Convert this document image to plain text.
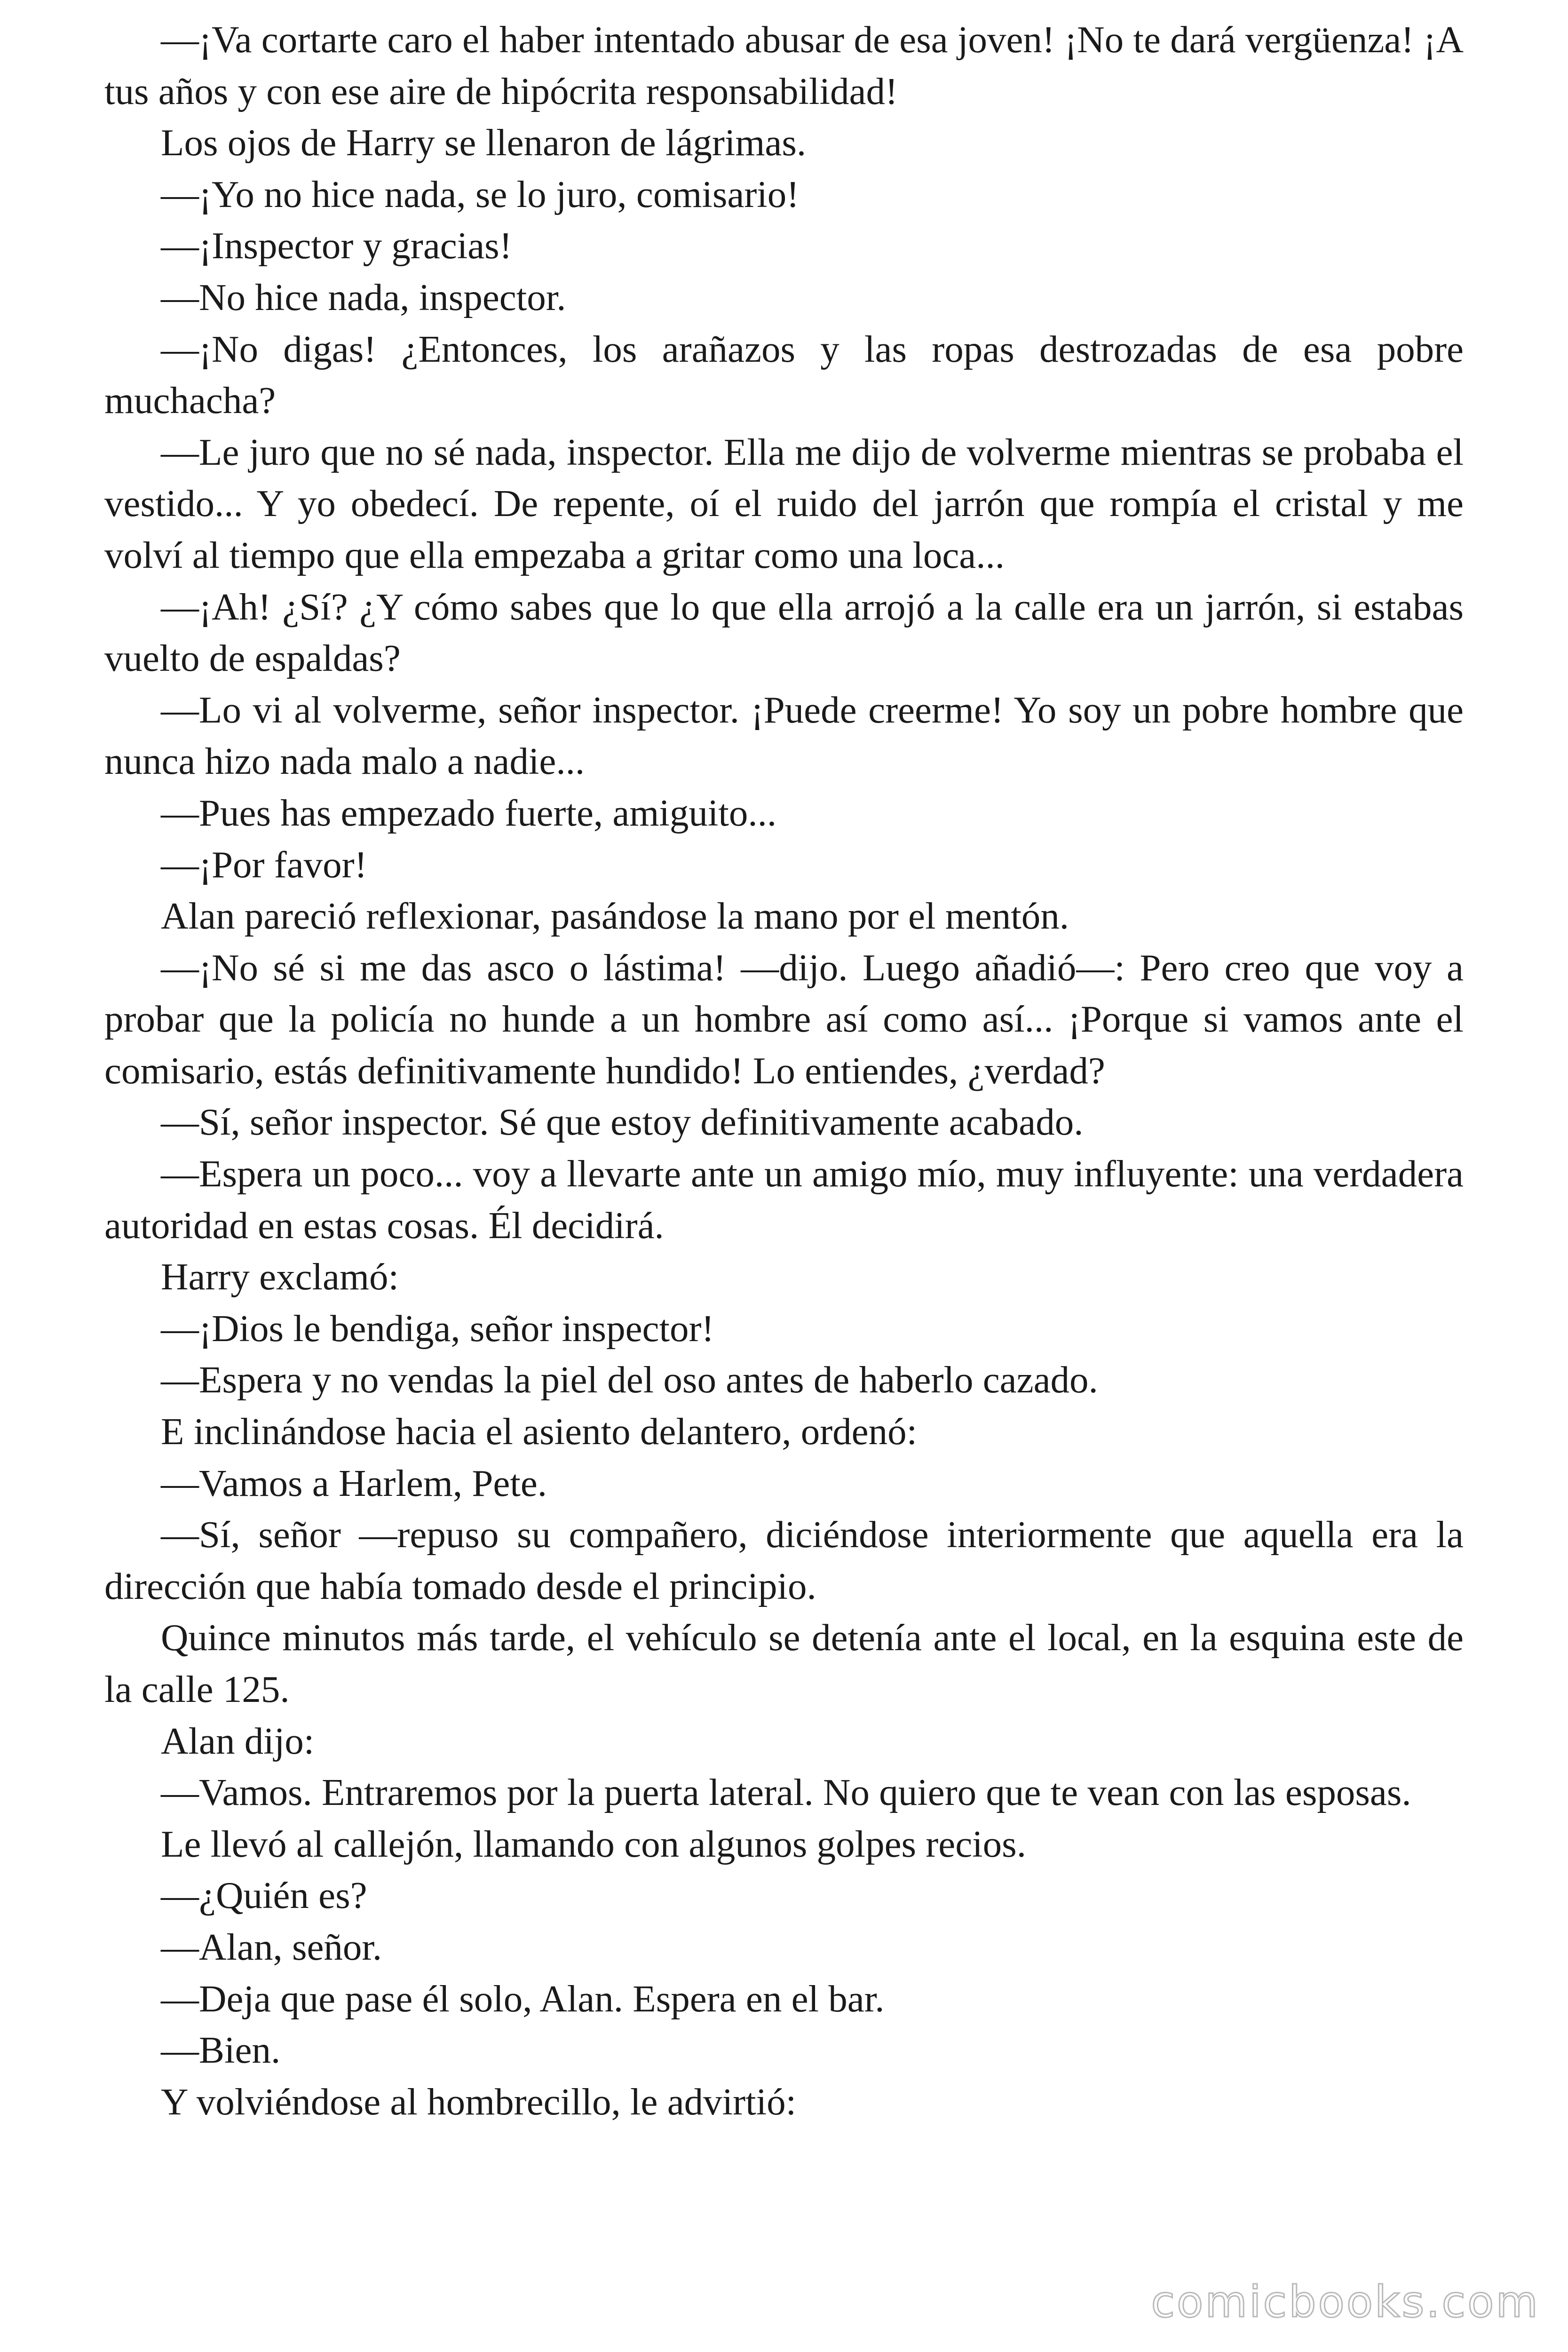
—¡Va cortarte caro el haber intentado abusar de esa joven! ¡No te dará vergüenza! ¡A tus años y con ese aire de hipócrita responsabilidad!

Los ojos de Harry se llenaron de lágrimas.

—¡Yo no hice nada, se lo juro, comisario!

—¡Inspector y gracias!

—No hice nada, inspector.

—¡No digas! ¿Entonces, los arañazos y las ropas destrozadas de esa pobre muchacha?

—Le juro que no sé nada, inspector. Ella me dijo de volverme mientras se probaba el vestido... Y yo obedecí. De repente, oí el ruido del jarrón que rompía el cristal y me volví al tiempo que ella empezaba a gritar como una loca...

—¡Ah! ¿Sí? ¿Y cómo sabes que lo que ella arrojó a la calle era un jarrón, si estabas vuelto de espaldas?

—Lo vi al volverme, señor inspector. ¡Puede creerme! Yo soy un pobre hombre que nunca hizo nada malo a nadie...

—Pues has empezado fuerte, amiguito...

—¡Por favor!

Alan pareció reflexionar, pasándose la mano por el mentón.

—¡No sé si me das asco o lástima! —dijo. Luego añadió—: Pero creo que voy a probar que la policía no hunde a un hombre así como así... ¡Porque si vamos ante el comisario, estás definitivamente hundido! Lo entiendes, ¿verdad?

—Sí, señor inspector. Sé que estoy definitivamente acabado.

—Espera un poco... voy a llevarte ante un amigo mío, muy influyente: una verdadera autoridad en estas cosas. Él decidirá.

Harry exclamó:

—¡Dios le bendiga, señor inspector!

—Espera y no vendas la piel del oso antes de haberlo cazado.

E inclinándose hacia el asiento delantero, ordenó:

—Vamos a Harlem, Pete.

—Sí, señor —repuso su compañero, diciéndose interiormente que aquella era la dirección que había tomado desde el principio.

Quince minutos más tarde, el vehículo se detenía ante el local, en la esquina este de la calle 125.

Alan dijo:

—Vamos. Entraremos por la puerta lateral. No quiero que te vean con las esposas.

Le llevó al callejón, llamando con algunos golpes recios.

—¿Quién es?

—Alan, señor.

—Deja que pase él solo, Alan. Espera en el bar.

—Bien.

Y volviéndose al hombrecillo, le advirtió:

comicbooks.com
